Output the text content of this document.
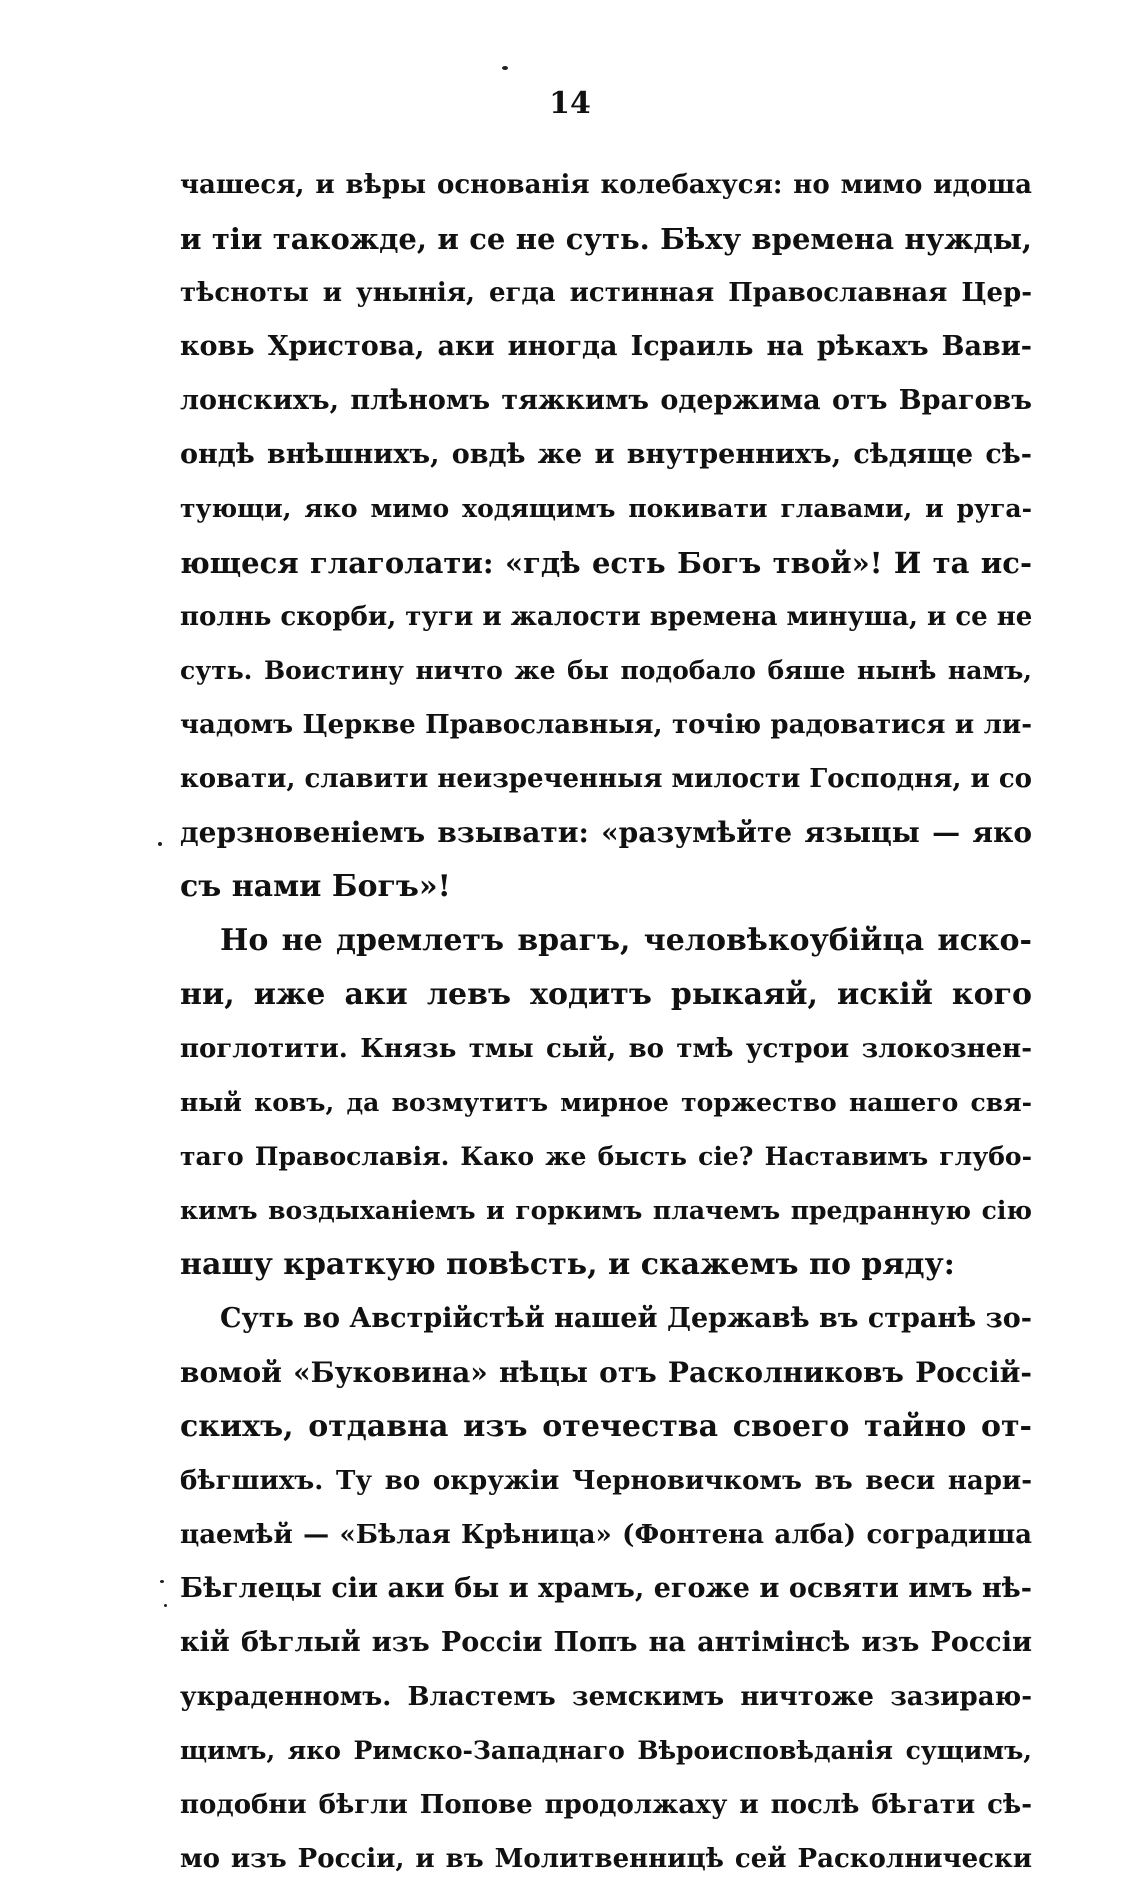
14
чашеся, и вѣры основанія колебахуся: но мимо идоша
и тіи такожде, и се не суть. Бѣху времена нужды,
тѣсноты и унынія, егда истинная Православная Цер-
ковь Христова, аки иногда Ісраиль на рѣкахъ Вави-
лонскихъ, плѣномъ тяжкимъ одержима отъ Враговъ
ондѣ внѣшнихъ, овдѣ же и внутреннихъ, сѣдяще сѣ-
тующи, яко мимо ходящимъ покивати главами, и руга-
ющеся глаголати: «гдѣ есть Богъ твой»! И та ис-
полнь скорби, туги и жалости времена минуша, и се не
суть. Воистину ничто же бы подобало бяше нынѣ намъ,
чадомъ Церкве Православныя, точію радоватися и ли-
ковати, славити неизреченныя милости Господня, и со
дерзновеніемъ взывати: «разумѣйте языцы — яко
съ нами Богъ»!
Но не дремлетъ врагъ, человѣкоубійца иско-
ни, иже аки левъ ходитъ рыкаяй, искій кого
поглотити. Князь тмы сый, во тмѣ устрои злокознен-
ный ковъ, да возмутитъ мирное торжество нашего свя-
таго Православія. Како же бысть сіе? Наставимъ глубо-
кимъ воздыханіемъ и горкимъ плачемъ предранную сію
нашу краткую повѣсть, и скажемъ по ряду:
Суть во Австрійстѣй нашей Державѣ въ странѣ зо-
вомой «Буковина» нѣцы отъ Расколниковъ Россій-
скихъ, отдавна изъ отечества своего тайно от-
бѣгшихъ. Ту во окружіи Черновичкомъ въ веси нари-
цаемѣй — «Бѣлая Крѣница» (Фонтена алба) соградиша
Бѣглецы сіи аки бы и храмъ, егоже и освяти имъ нѣ-
кій бѣглый изъ Россіи Попъ на антімінсѣ изъ Россіи
украденномъ. Властемъ земскимъ ничтоже зазираю-
щимъ, яко Римско-Западнаго Вѣроисповѣданія сущимъ,
подобни бѣгли Попове продолжаху и послѣ бѣгати сѣ-
мо изъ Россіи, и въ Молитвенницѣ сей Расколнически
